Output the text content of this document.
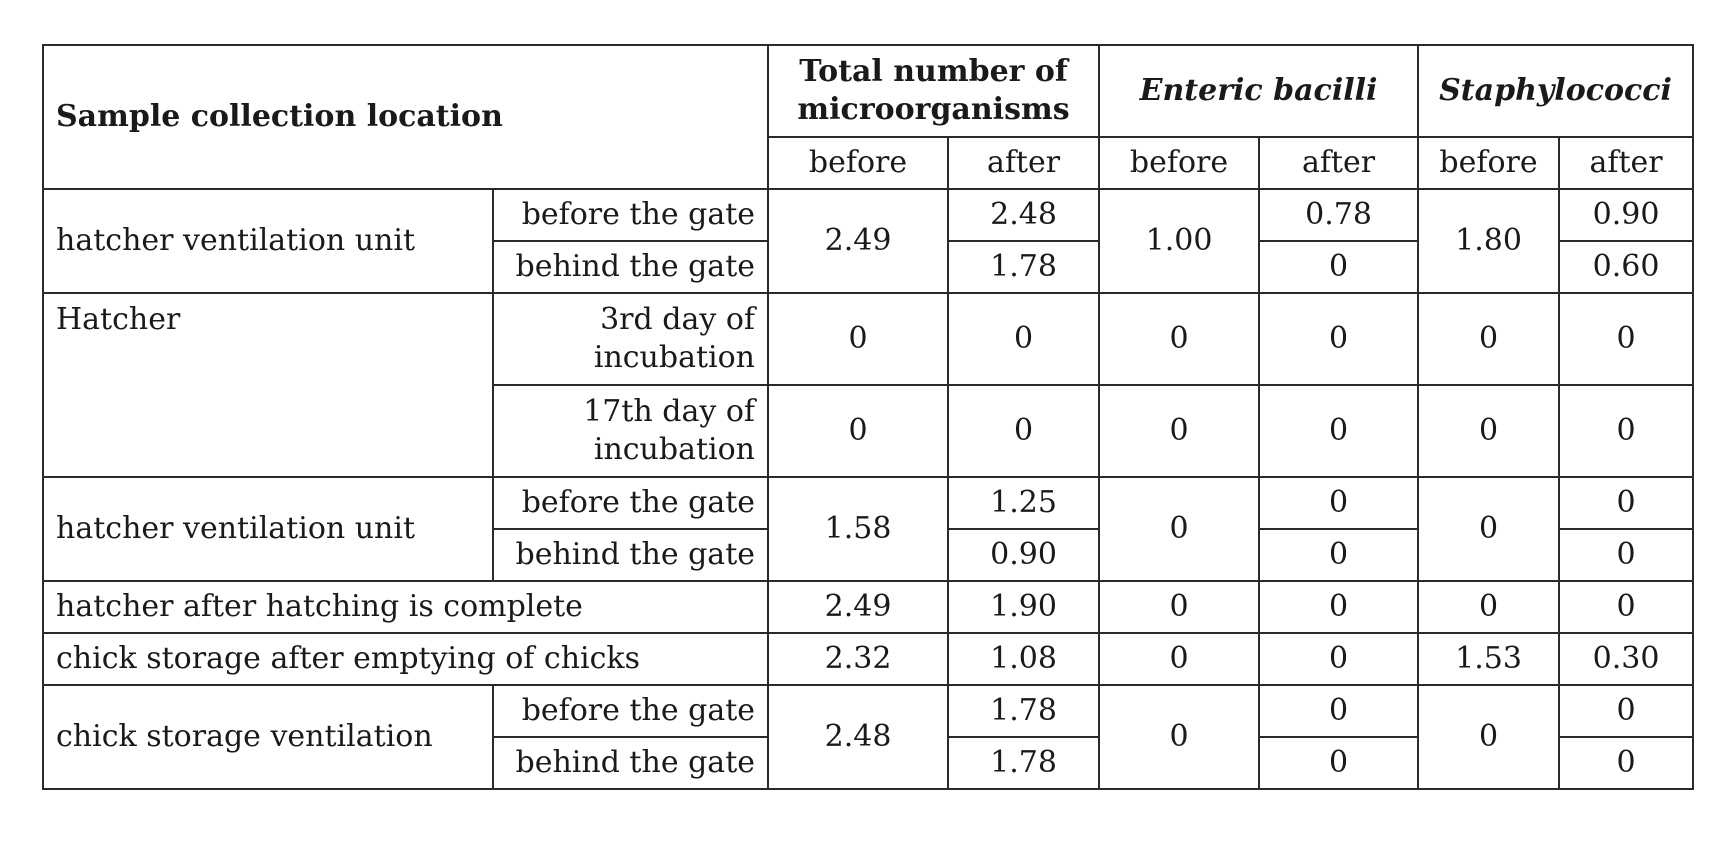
Sample collection location		Total number of microorganisms		Enteric bacilli		Staphylococci	
		before	after	before	after	before	after
hatcher ventilation unit	before the gate	2.49	2.48	1.00	0.78	1.80	0.90
	behind the gate		1.78		0		0.60
Hatcher	3rd day of incubation	0	0	0	0	0	0
	17th day of incubation	0	0	0	0	0	0
hatcher ventilation unit	before the gate	1.58	1.25	0	0	0	0
	behind the gate		0.90		0		0
hatcher after hatching is complete		2.49	1.90	0	0	0	0
chick storage after emptying of chicks		2.32	1.08	0	0	1.53	0.30
chick storage ventilation	before the gate	2.48	1.78	0	0	0	0
	behind the gate		1.78		0		0
